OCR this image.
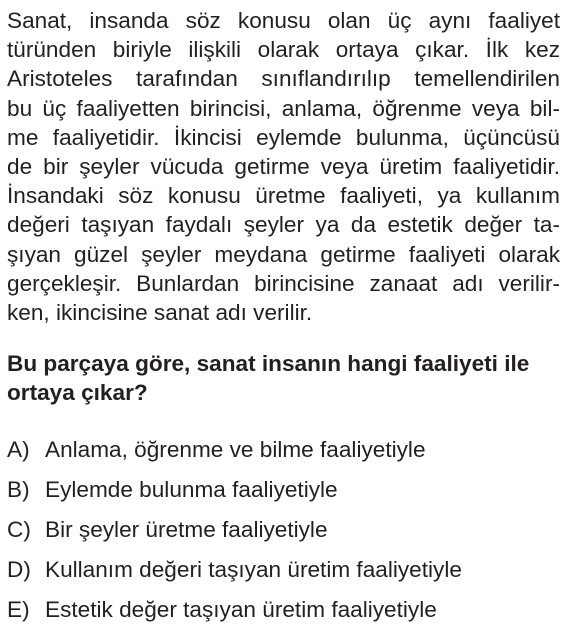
Sanat, insanda söz konusu olan üç aynı faaliyet
türünden biriyle ilişkili olarak ortaya çıkar. İlk kez
Aristoteles tarafından sınıflandırılıp temellendirilen
bu üç faaliyetten birincisi, anlama, öğrenme veya bil-
me faaliyetidir. İkincisi eylemde bulunma, üçüncüsü
de bir şeyler vücuda getirme veya üretim faaliyetidir.
İnsandaki söz konusu üretme faaliyeti, ya kullanım
değeri taşıyan faydalı şeyler ya da estetik değer ta-
şıyan güzel şeyler meydana getirme faaliyeti olarak
gerçekleşir. Bunlardan birincisine zanaat adı verilir-
ken, ikincisine sanat adı verilir.
Bu parçaya göre, sanat insanın hangi faaliyeti ile
ortaya çıkar?
A) Anlama, öğrenme ve bilme faaliyetiyle
B) Eylemde bulunma faaliyetiyle
C) Bir şeyler üretme faaliyetiyle
D) Kullanım değeri taşıyan üretim faaliyetiyle
E) Estetik değer taşıyan üretim faaliyetiyle
